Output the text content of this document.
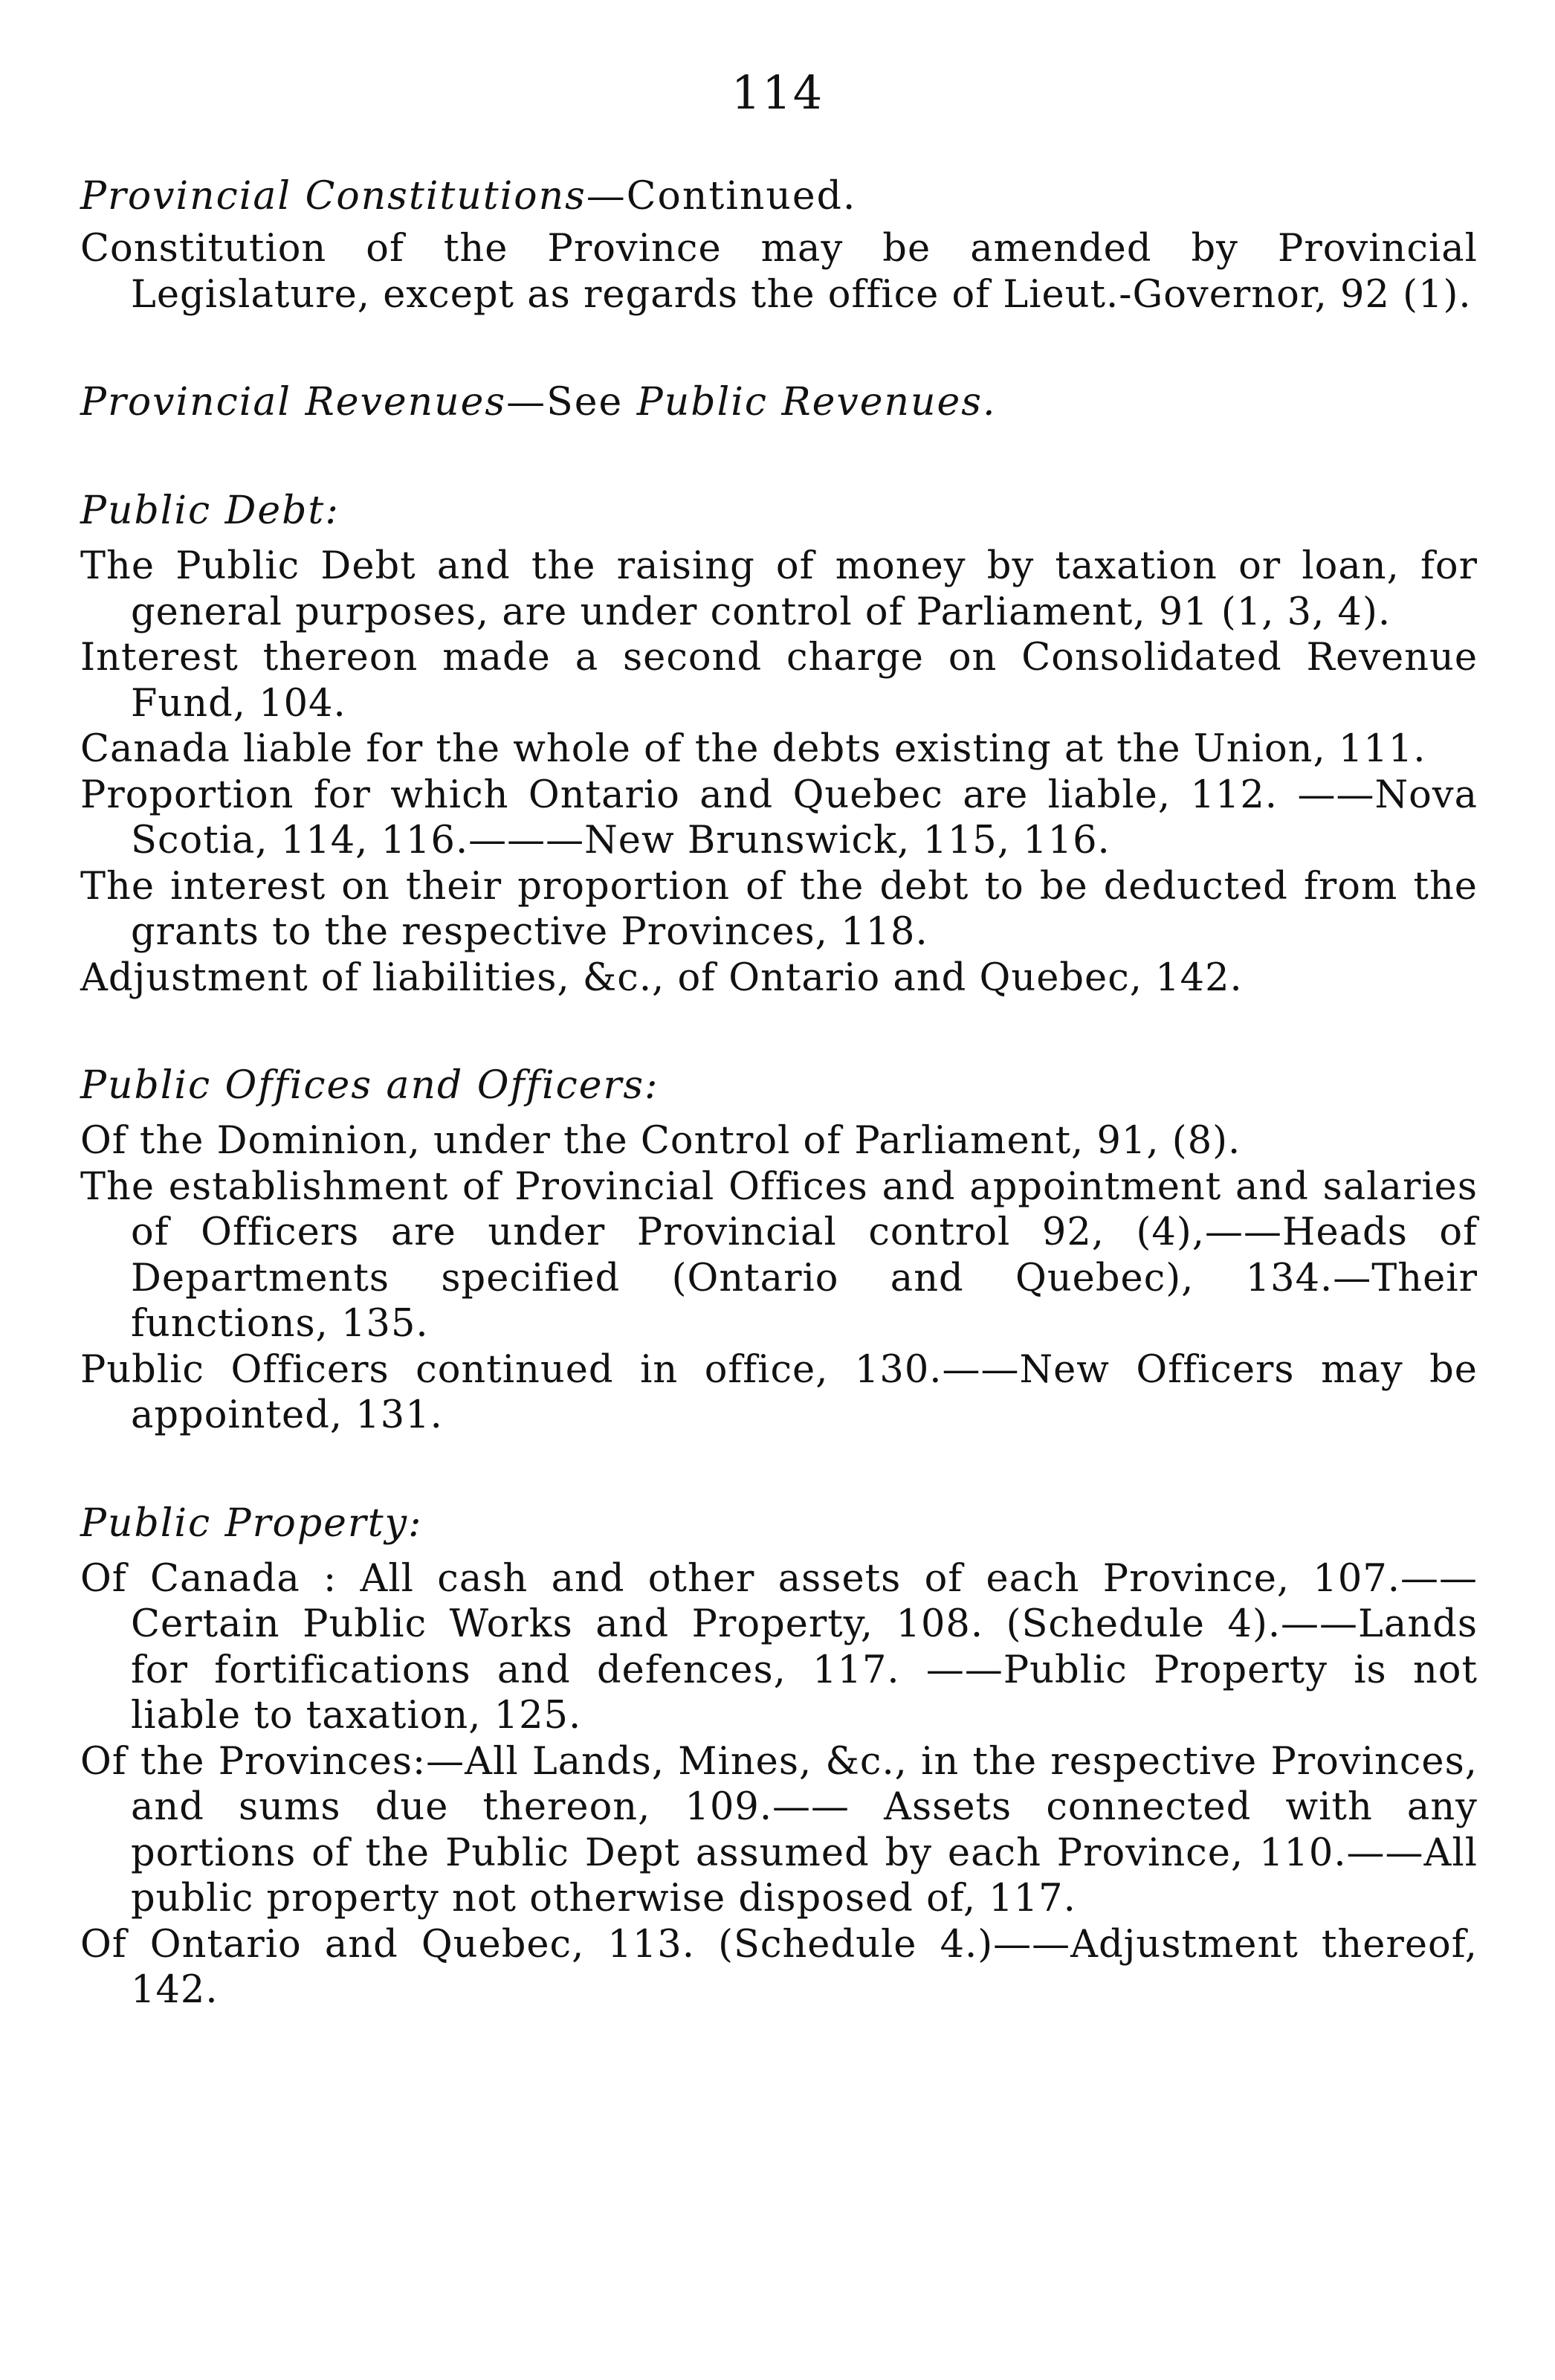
114

Provincial Constitutions—Continued.

Constitution of the Province may be amended by Provincial Legislature, except as regards the office of Lieut.-Governor, 92 (1).

Provincial Revenues—See Public Revenues.

Public Debt:

The Public Debt and the raising of money by taxation or loan, for general purposes, are under control of Parliament, 91 (1, 3, 4).

Interest thereon made a second charge on Consolidated Revenue Fund, 104.

Canada liable for the whole of the debts existing at the Union, 111.

Proportion for which Ontario and Quebec are liable, 112. ——Nova Scotia, 114, 116.———New Brunswick, 115, 116.

The interest on their proportion of the debt to be deducted from the grants to the respective Provinces, 118.

Adjustment of liabilities, &c., of Ontario and Quebec, 142.

Public Offices and Officers:

Of the Dominion, under the Control of Parliament, 91, (8).

The establishment of Provincial Offices and appointment and salaries of Officers are under Provincial control 92, (4),——Heads of Departments specified (Ontario and Quebec), 134.—Their functions, 135.

Public Officers continued in office, 130.——New Officers may be appointed, 131.

Public Property:

Of Canada : All cash and other assets of each Province, 107.——Certain Public Works and Property, 108. (Schedule 4).——Lands for fortifications and defences, 117. ——Public Property is not liable to taxation, 125.

Of the Provinces:—All Lands, Mines, &c., in the respective Provinces, and sums due thereon, 109.—— Assets connected with any portions of the Public Dept assumed by each Province, 110.——All public property not otherwise disposed of, 117.

Of Ontario and Quebec, 113. (Schedule 4.)——Adjustment thereof, 142.
